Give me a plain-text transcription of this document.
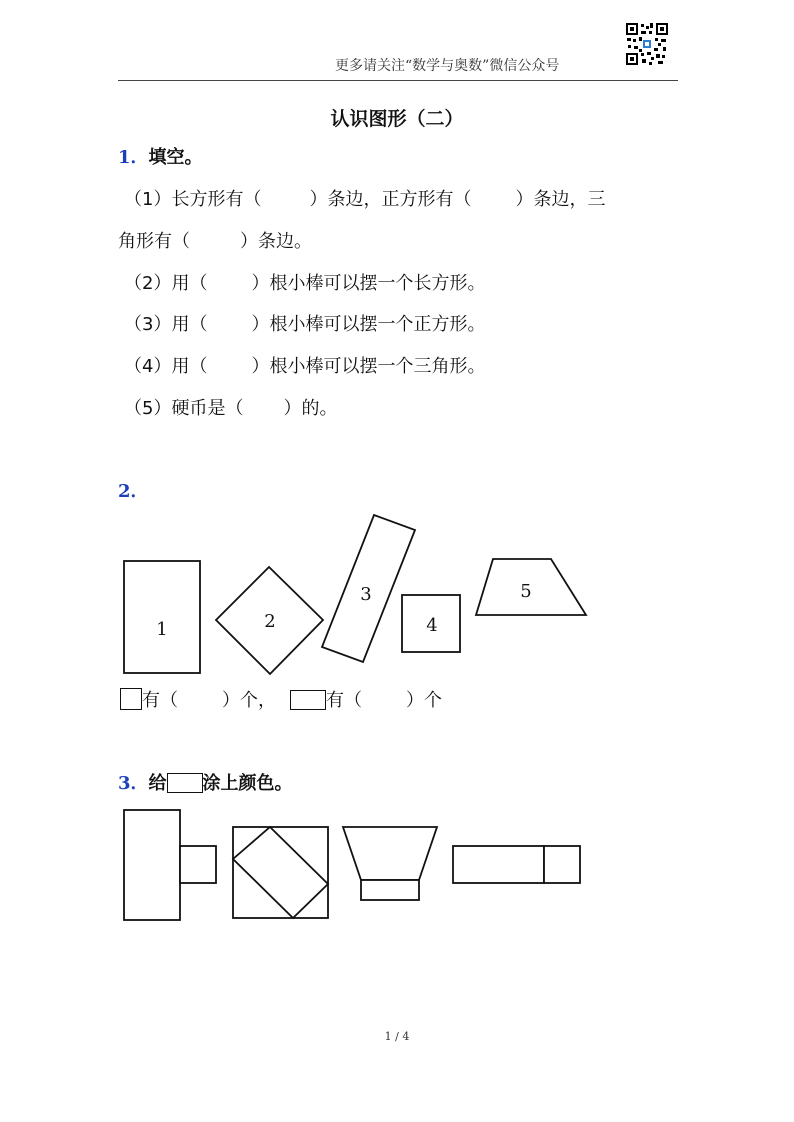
更多请关注“数学与奥数”微信公众号
认识图形（二）
1．填空。
（1）长方形有（	）条边，正方形有（ ）条边，三
角形有（	）条边。
（2）用（ ）根小棒可以摆一个长方形。
（3）用（ ）根小棒可以摆一个正方形。
（4）用（ ）根小棒可以摆一个三角形。
（5）硬币是（ ）的。
2．
1	2
3
4
5
有（ ）个，	有（ ）个
3．给 涂上颜色。
1 / 4
